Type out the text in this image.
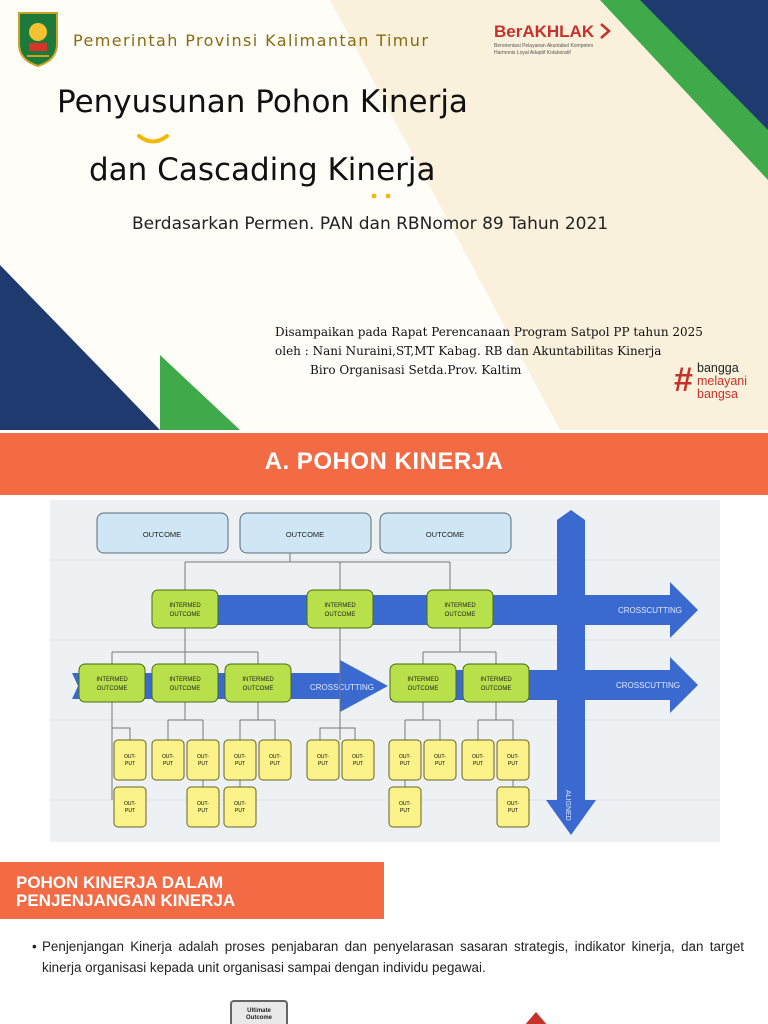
Pemerintah Provinsi Kalimantan Timur	BerAKHLAK
Berorientasi Pelayanan Akuntabel Kompeten
Harmonis Loyal Adaptif Kolaboratif
Penyusunan Pohon Kinerja
dan Cascading Kinerja
Berdasarkan Permen. PAN dan RBNomor 89 Tahun 2021
Disampaikan pada Rapat Perencanaan Program Satpol PP tahun 2025
oleh : Nani Nuraini,ST,MT Kabag. RB dan Akuntabilitas Kinerja
Biro Organisasi Setda.Prov. Kaltim	# bangga
melayani
bangsa
A. POHON KINERJA
CROSSCUTTING
CROSSCUTTING	CROSSCUTTING
ALIGNED
OUTCOME	OUTCOME	OUTCOME
INTERMED
OUTCOME
INTERMED
OUTCOME
INTERMED
OUTCOME
INTERMED
OUTCOME
INTERMED
OUTCOME
INTERMED
OUTCOME
INTERMED
OUTCOME
INTERMED
OUTCOME
OUT-
PUT
OUT-
PUT
OUT-
PUT
OUT-
PUT
OUT-
PUT
OUT-
PUT
OUT-
PUT
OUT-
PUT
OUT-
PUT
OUT-
PUT
OUT-
PUT
OUT-
PUT
OUT-
PUT
OUT-
PUT
OUT-
PUT
OUT-
PUT
POHON KINERJA DALAM
PENJENJANGAN KINERJA
• Penjenjangan Kinerja adalah proses penjabaran dan penyelarasan sasaran strategis, indikator kinerja, dan target kinerja organisasi kepada unit organisasi sampai dengan individu pegawai.
Ultimate
Outcome
